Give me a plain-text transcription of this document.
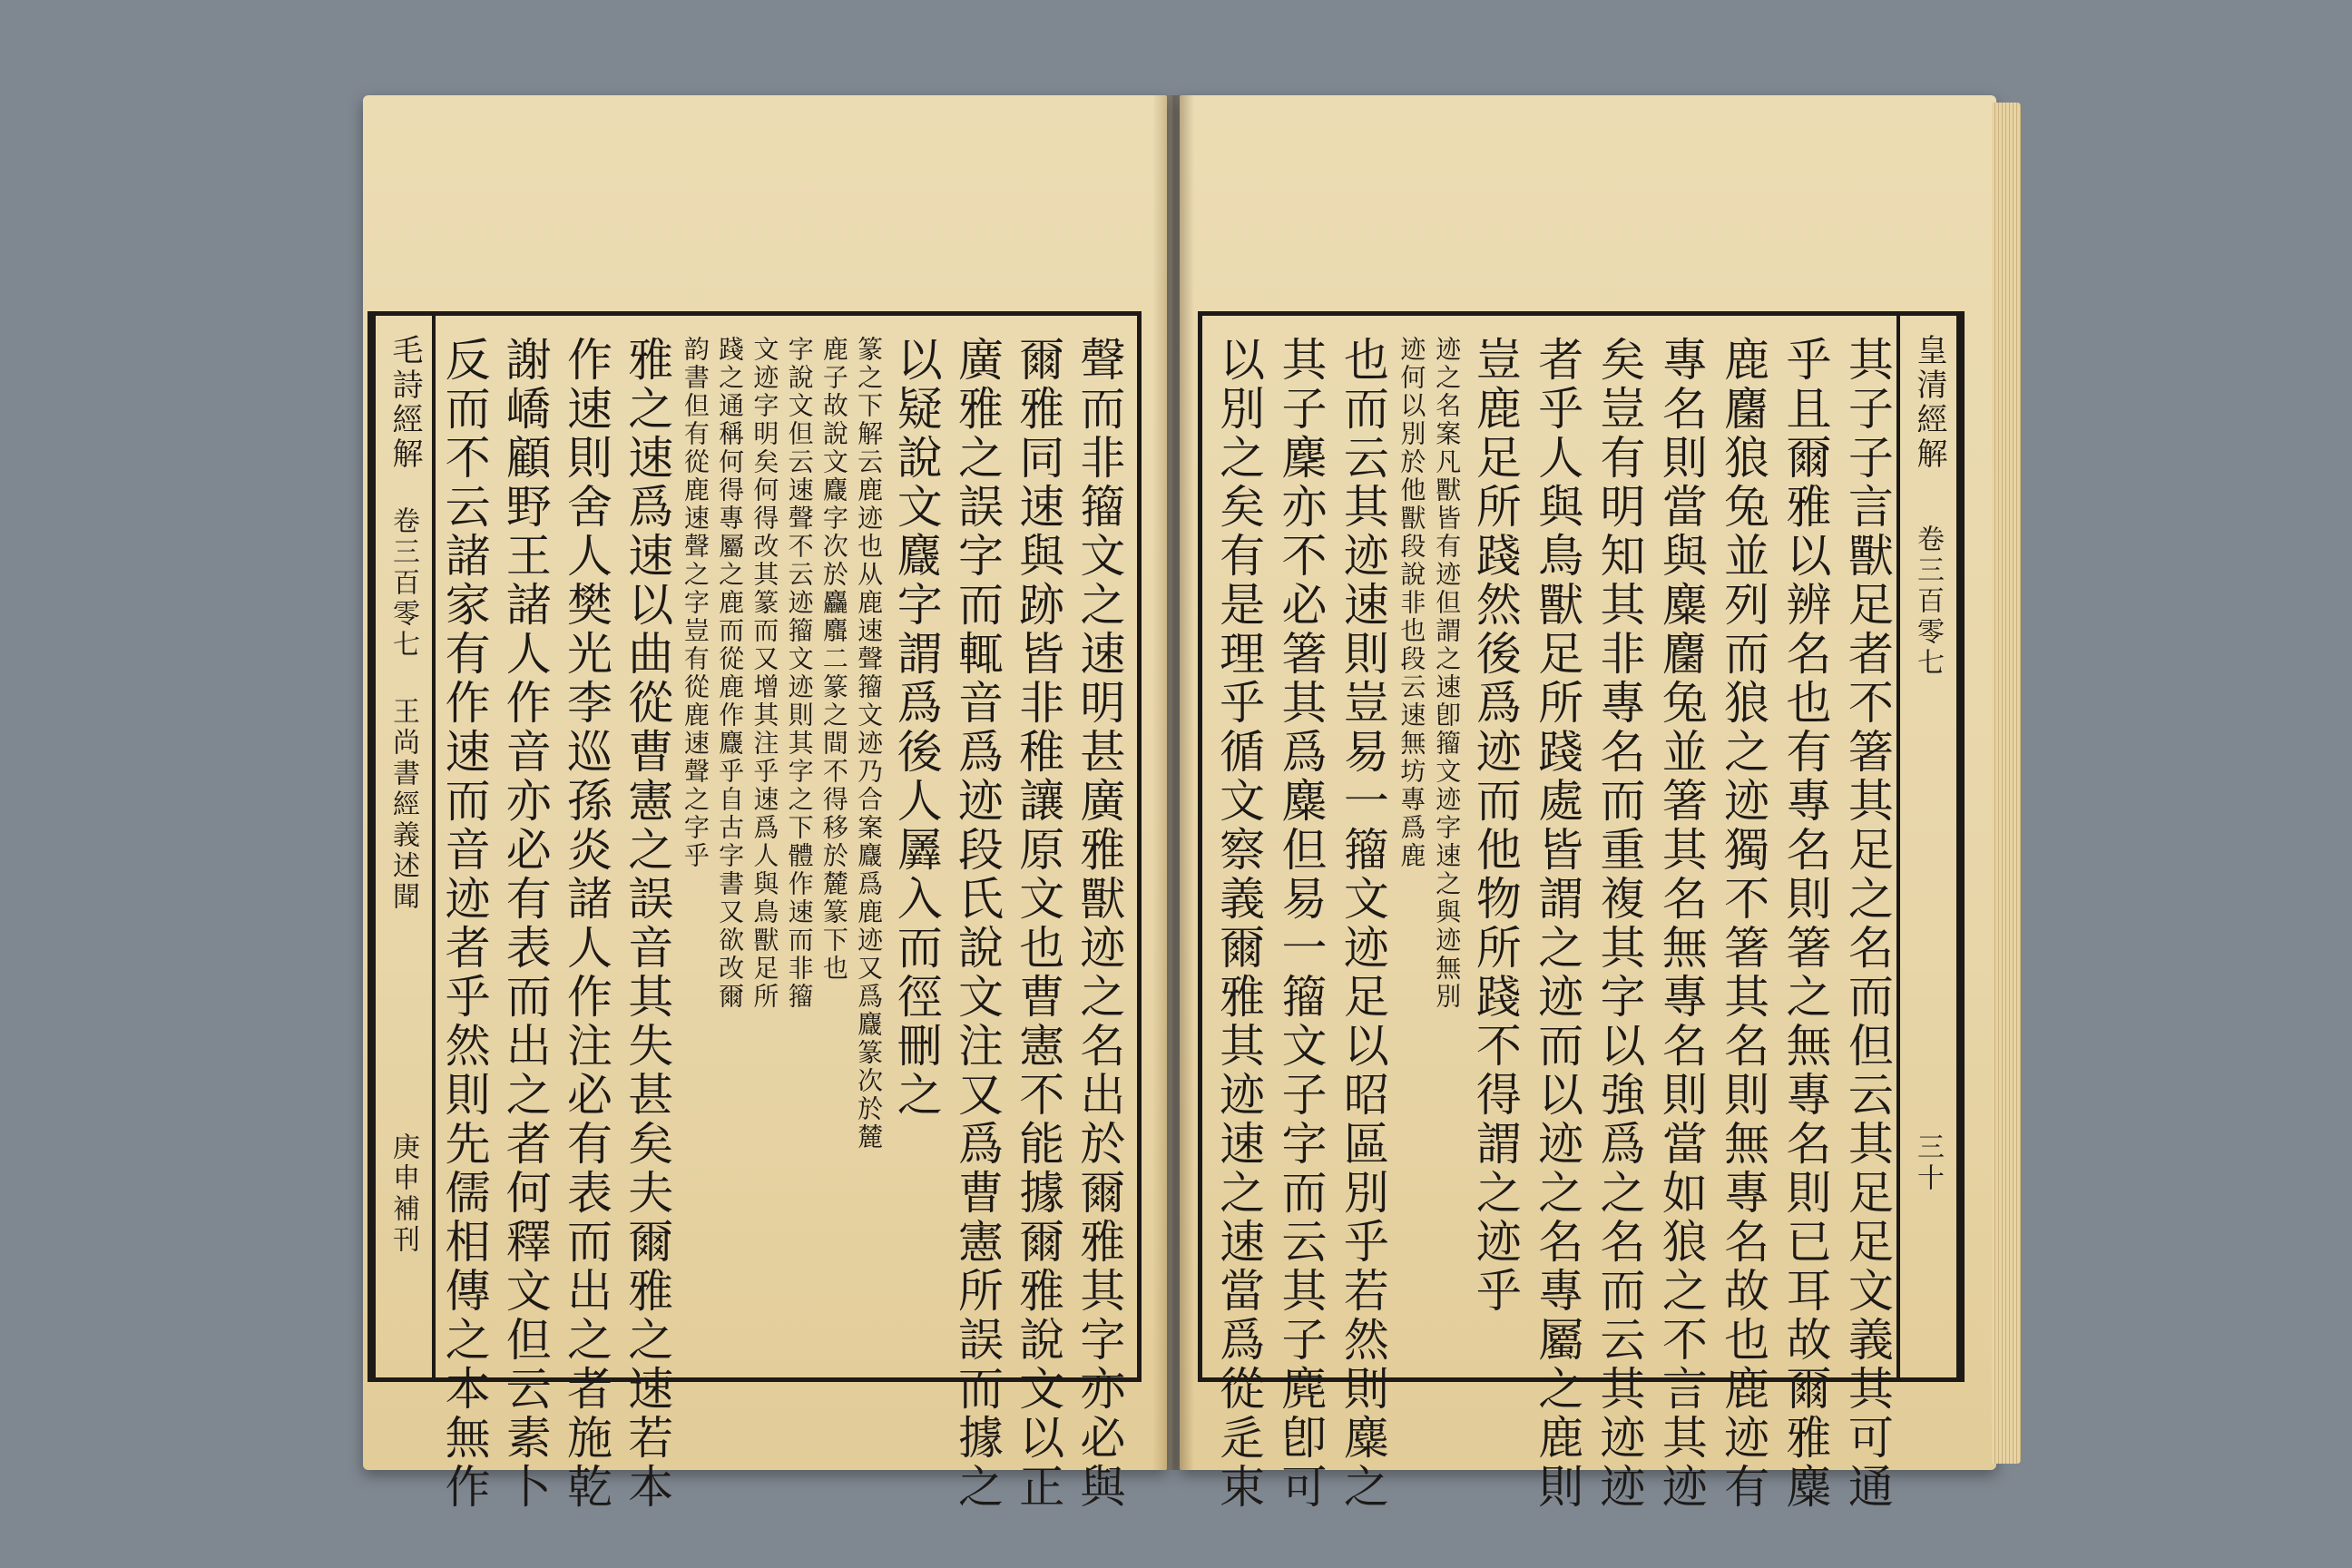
毛詩經解
卷三百零七
王尚書經義述聞
庚申補刊	聲而非籀文之速明甚廣雅獸迹之名出於爾雅其字亦必與
爾雅同速與跡皆非稚讓原文也曹憲不能據爾雅說文以正
廣雅之誤字而輒音爲迹段氏說文注又爲曹憲所誤而據之
以疑說文麙字謂爲後人羼入而徑刪之
篆之下解云鹿迹也从鹿速聲籀文迹乃合案麙爲鹿迹又爲麙篆次於麓
鹿子故說文麙字次於麤麛二篆之間不得移於麓篆下也
字說文但云速聲不云迹籀文迹則其字之下體作速而非籀
文迹字明矣何得改其篆而又增其注乎速爲人與鳥獸足所
踐之通稱何得專屬之鹿而從鹿作麙乎自古字書又欲改爾
韵書但有從鹿速聲之字豈有從鹿速聲之字乎
雅之速爲速以曲從曹憲之誤音其失甚矣夫爾雅之速若本
作速則舍人樊光李巡孫炎諸人作注必有表而出之者施乾
謝嶠顧野王諸人作音亦必有表而出之者何釋文但云素卜
反而不云諸家有作速而音迹者乎然則先儒相傳之本無作	皇清經解
卷三百零七
三十
其子子言獸足者不箸其足之名而但云其足足文義其可通
乎且爾雅以辨名也有專名則箸之無專名則已耳故爾雅麋
鹿麕狼兔並列而狼之迹獨不箸其名則無專名故也鹿迹有
專名則當與麋麕兔並箸其名無專名則當如狼之不言其迹
矣豈有明知其非專名而重複其字以強爲之名而云其迹迹
者乎人與鳥獸足所踐處皆謂之迹而以迹之名專屬之鹿則
豈鹿足所踐然後爲迹而他物所踐不得謂之迹乎
迹之名案凡獸皆有迹但謂之速卽籀文迹字速之與迹無別
迹何以別於他獸段說非也段云速無坊專爲鹿
也而云其迹速則豈易一籀文迹足以昭區別乎若然則麋之
其子麇亦不必箸其爲麋但易一籀文子字而云其子麂卽可
以別之矣有是理乎循文察義爾雅其迹速之速當爲從辵束
